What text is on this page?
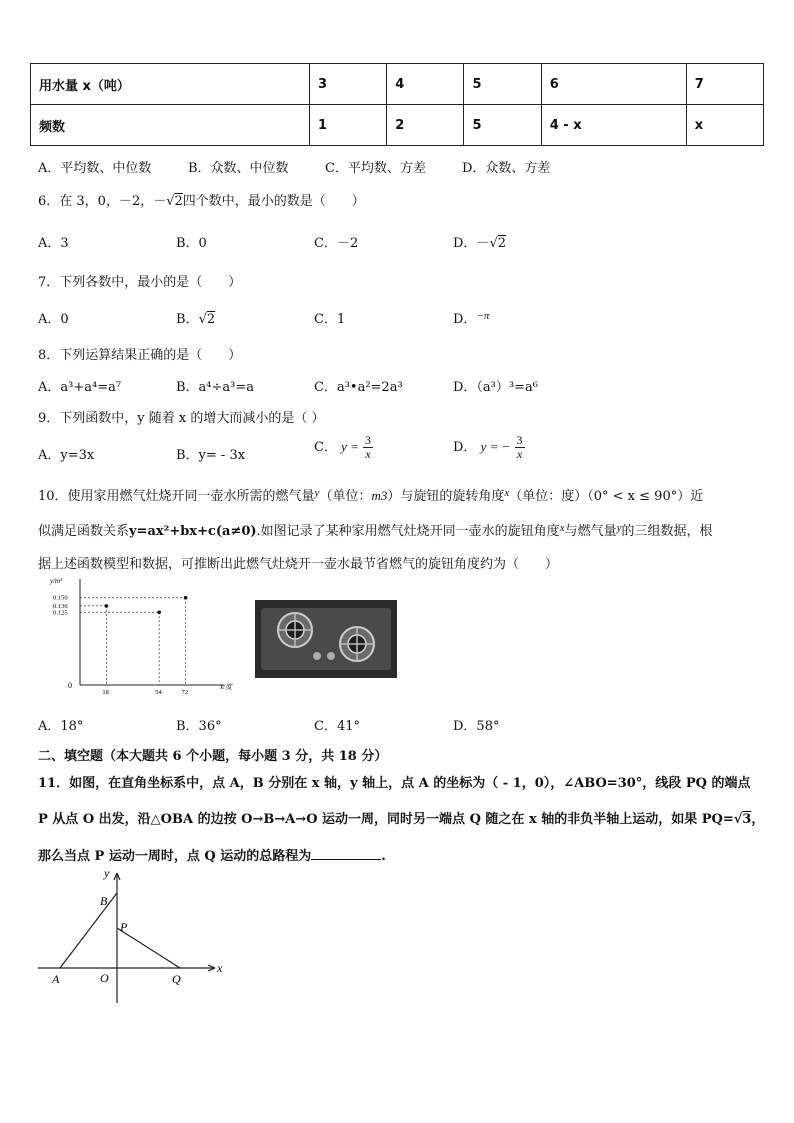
用水量 x（吨）	3	4	5	6	7
频数	1	2	5	4 - x	x
A．平均数、中位数	B．众数、中位数	C．平均数、方差	D．众数、方差
6．在 3，0，－2，－√2四个数中，最小的数是（　　）
A．3	B．0	C．－2	D．－√2
7．下列各数中，最小的是（　　）
A．0	B．√2	C．1	D．$^{-\pi}$
8．下列运算结果正确的是（　　）
A．a³+a⁴=a⁷	B．a⁴÷a³=a	C．a³•a²=2a³	D．（a³）³=a⁶
9．下列函数中，y 随着 x 的增大而减小的是（ ）
A．y=3x	B．y= - 3x
C． $y = \frac{3}{x}$	D． y = − $\frac{3}{x}$
10．使用家用燃气灶烧开同一壶水所需的燃气量$^y$（单位：m3）与旋钮的旋转角度$^x$（单位：度）（0° < x ≤ 90°）近
似满足函数关系y=ax²+bx+c(a≠0).如图记录了某种家用燃气灶烧开同一壶水的旋钮角度$^x$与燃气量$^y$的三组数据，根
据上述函数模型和数据，可推断出此燃气灶烧开一壶水最节省燃气的旋钮角度约为（　　）
x/度
y/m³
0
18	54	72
0.150
0.136
0.125
A．18°	B．36°	C．41°	D．58°
二、填空题（本大题共 6 个小题，每小题 3 分，共 18 分）
11．如图，在直角坐标系中，点 A，B 分别在 x 轴，y 轴上，点 A 的坐标为（ - 1，0），∠ABO=30°，线段 PQ 的端点
P 从点 O 出发，沿△OBA 的边按 O→B→A→O 运动一周，同时另一端点 Q 随之在 x 轴的非负半轴上运动，如果 PQ=√3，
那么当点 P 运动一周时，点 Q 运动的总路程为	.
y
x
B
P
A	O	Q
